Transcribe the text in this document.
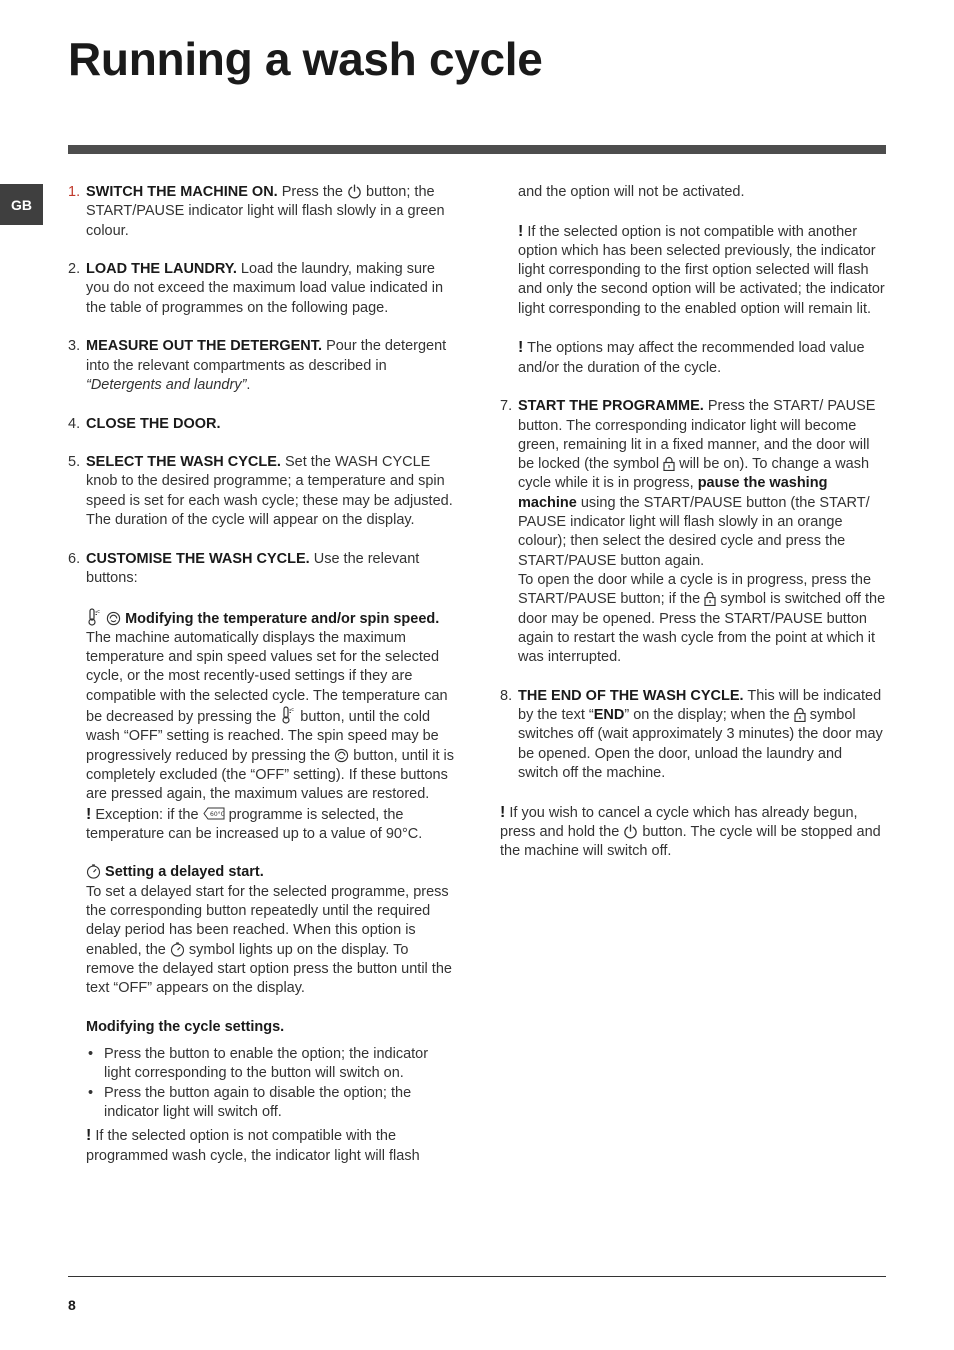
Running a wash cycle
GB
1. SWITCH THE MACHINE ON. Press the
button; the START/PAUSE indicator light will flash slowly in a green colour.
2. LOAD THE LAUNDRY. Load the laundry, making sure you do not exceed the maximum load value indicated in the table of programmes on the following page.
3. MEASURE OUT THE DETERGENT. Pour the detergent into the relevant compartments as described in “Detergents and laundry”.
4. CLOSE THE DOOR.
5. SELECT THE WASH CYCLE. Set the WASH CYCLE knob to the desired programme; a temperature and spin speed is set for each wash cycle; these may be adjusted. The duration of the cycle will appear on the display.
6. CUSTOMISE THE WASH CYCLE. Use the relevant buttons:
c
Modifying the temperature and/or spin speed. The machine automatically displays the maximum temperature and spin speed values set for the selected cycle, or the most recently-used settings if they are compatible with the selected cycle. The temperature can be decreased by pressing the c button, until the cold wash “OFF” setting is reached. The spin speed may be progressively reduced by pressing the
button, until it is completely excluded (the “OFF” setting). If these buttons are pressed again, the maximum values are restored.
! Exception: if the 60°C programme is selected, the temperature can be increased up to a value of 90°C.
Setting a delayed start.
To set a delayed start for the selected programme, press the corresponding button repeatedly until the required delay period has been reached. When this option is enabled, the
symbol lights up on the display. To remove the delayed start option press the button until the text “OFF” appears on the display.
Modifying the cycle settings.
• Press the button to enable the option; the indicator light corresponding to the button will switch on.
• Press the button again to disable the option; the indicator light will switch off.
! If the selected option is not compatible with the programmed wash cycle, the indicator light will flash

and the option will not be activated.

! If the selected option is not compatible with another option which has been selected previously, the indicator light corresponding to the first option selected will flash and only the second option will be activated; the indicator light corresponding to the enabled option will remain lit.

! The options may affect the recommended load value and/or the duration of the cycle.

7. START THE PROGRAMME. Press the START/ PAUSE button. The corresponding indicator light will become green, remaining lit in a fixed manner, and the door will be locked (the symbol
will be on). To change a wash cycle while it is in progress, pause the washing machine using the START/PAUSE button (the START/ PAUSE indicator light will flash slowly in an orange colour); then select the desired cycle and press the START/PAUSE button again.
To open the door while a cycle is in progress, press the START/PAUSE button; if the
symbol is switched off the door may be opened. Press the START/PAUSE button again to restart the wash cycle from the point at which it was interrupted.
8. THE END OF THE WASH CYCLE. This will be indicated by the text “END” on the display; when the
symbol switches off (wait approximately 3 minutes) the door may be opened. Open the door, unload the laundry and switch off the machine.

! If you wish to cancel a cycle which has already begun, press and hold the
button. The cycle will be stopped and the machine will switch off.

8
